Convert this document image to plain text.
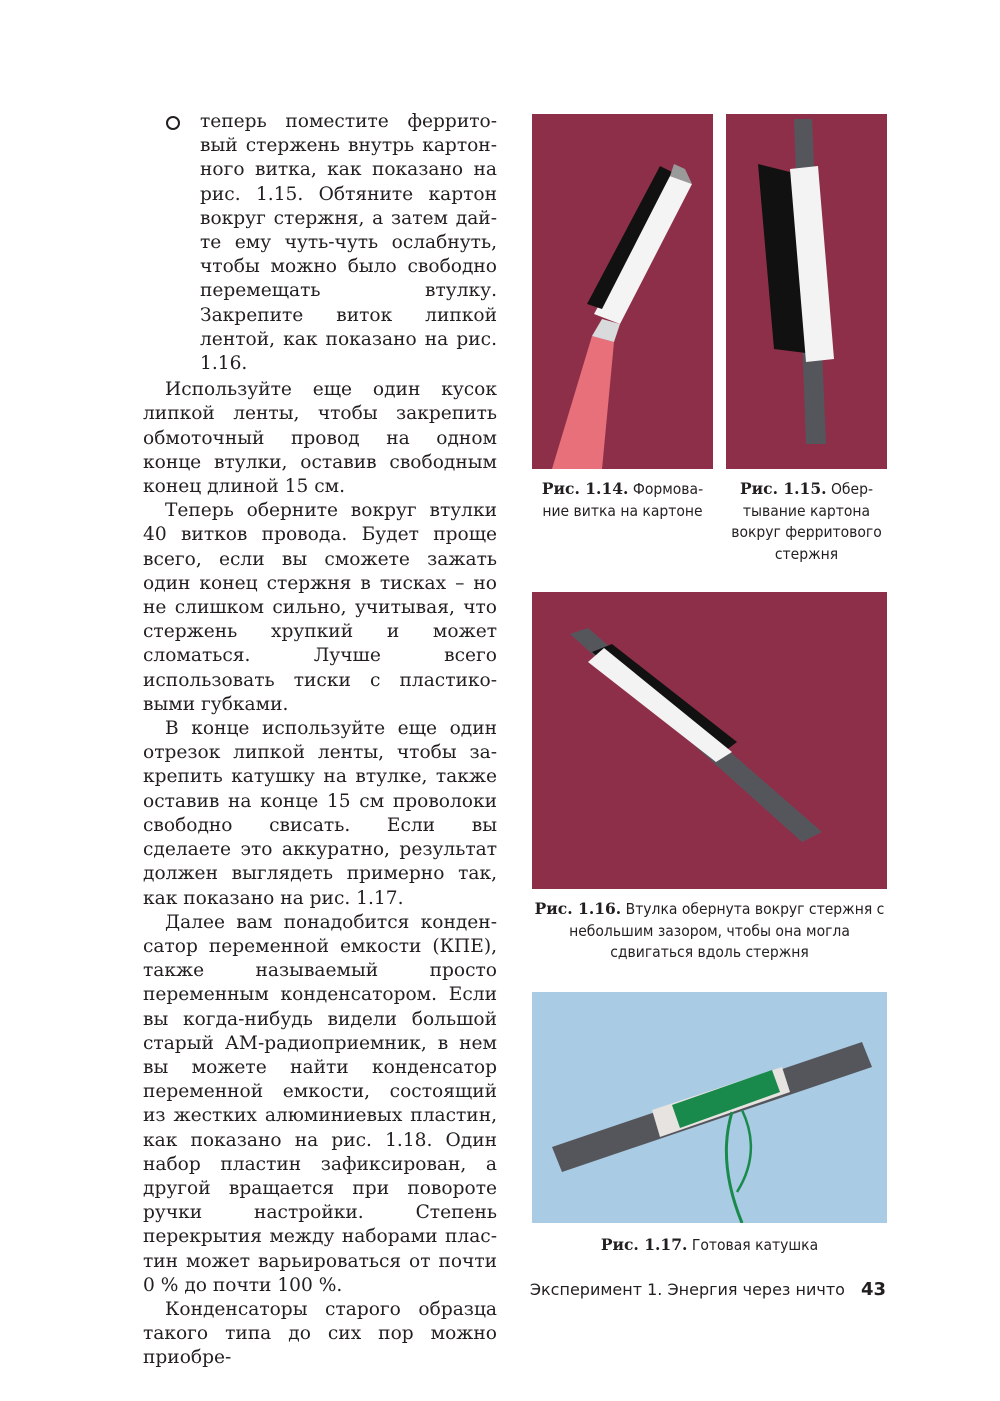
теперь поместите ферритовый стержень внутрь картонного витка, как показано на рис. 1.15. Обтяните картон вокруг стержня, а затем дайте ему чуть-чуть ослабнуть, чтобы можно было свободно перемещать втулку. Закрепите виток липкой лентой, как показано на рис. 1.16.

Используйте еще один кусок липкой ленты, чтобы закрепить обмоточный провод на одном конце втулки, оставив свободным конец длиной 15 см.

Теперь оберните вокруг втулки 40 витков провода. Будет проще всего, если вы сможете зажать один конец стержня в тисках – но не слишком сильно, учитывая, что стержень хрупкий и может сломаться. Лучше всего использовать тиски с пластиковыми губками.

В конце используйте еще один отрезок липкой ленты, чтобы закрепить катушку на втулке, также оставив на конце 15 см проволоки свободно свисать. Если вы сделаете это аккуратно, результат должен выглядеть примерно так, как показано на рис. 1.17.

Далее вам понадобится конденсатор переменной емкости (КПЕ), также называемый просто переменным конденсатором. Если вы когда-нибудь видели большой старый АМ-радиоприемник, в нем вы можете найти конденсатор переменной емкости, состоящий из жестких алюминиевых пластин, как показано на рис. 1.18. Один набор пластин зафиксирован, а другой вращается при повороте ручки настройки. Степень перекрытия между наборами пластин может варьироваться от почти 0 % до почти 100 %.

Конденсаторы старого образца такого типа до сих пор можно приобре-

Рис. 1.14. Формование витка на картоне
Рис. 1.15. Обертывание картона вокруг ферритового стержня
Рис. 1.16. Втулка обернута вокруг стержня с небольшим зазором, чтобы она могла сдвигаться вдоль стержня
Рис. 1.17. Готовая катушка
Эксперимент 1. Энергия через ничто 43
